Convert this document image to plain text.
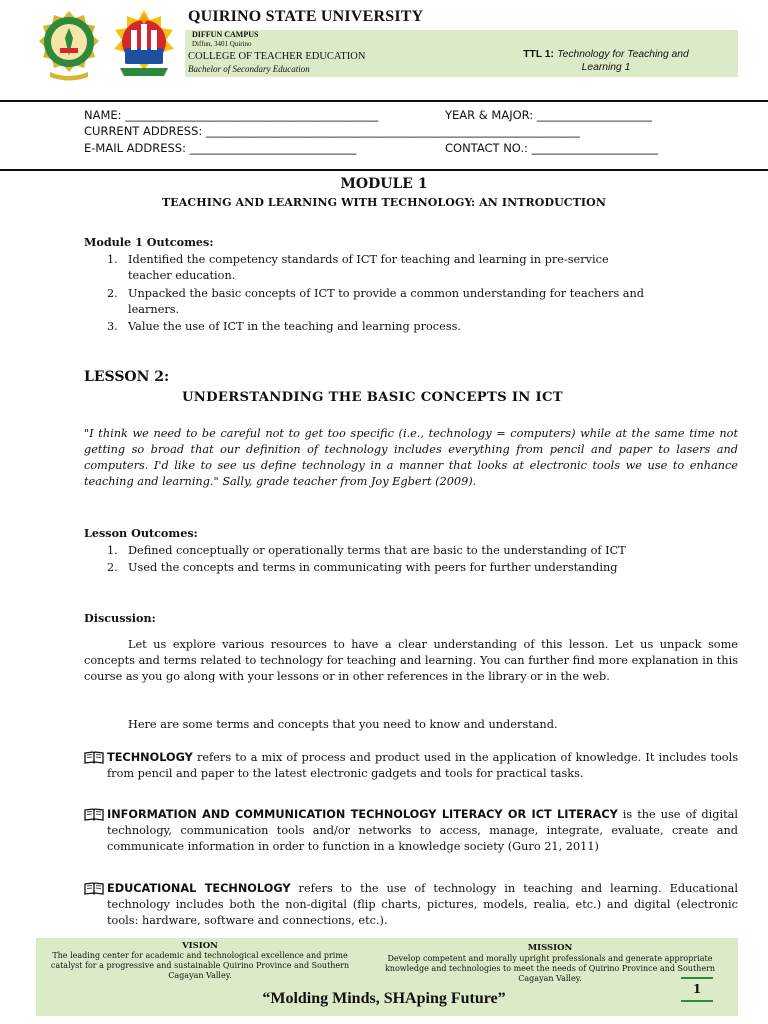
QUIRINO STATE UNIVERSITY
DIFFUN CAMPUS
Diffun, 3401 Quirino
COLLEGE OF TEACHER EDUCATION
Bachelor of Secondary Education
TTL 1: Technology for Teaching and
Learning 1
NAME: ____________________________________________	YEAR & MAJOR: ____________________
CURRENT ADDRESS: _________________________________________________________________
E-MAIL ADDRESS: _____________________________	CONTACT NO.: ______________________
MODULE 1
TEACHING AND LEARNING WITH TECHNOLOGY: AN INTRODUCTION
Module 1 Outcomes:
1. Identified the competency standards of ICT for teaching and learning in pre-service
teacher education.
2. Unpacked the basic concepts of ICT to provide a common understanding for teachers and
learners.
3. Value the use of ICT in the teaching and learning process.
LESSON 2:
UNDERSTANDING THE BASIC CONCEPTS IN ICT
"I think we need to be careful not to get too specific (i.e., technology = computers) while at the same time not getting so broad that our definition of technology includes everything from pencil and paper to lasers and computers. I'd like to see us define technology in a manner that looks at electronic tools we use to enhance teaching and learning." Sally, grade teacher from Joy Egbert (2009).
Lesson Outcomes:
1. Defined conceptually or operationally terms that are basic to the understanding of ICT
2. Used the concepts and terms in communicating with peers for further understanding
Discussion:
Let us explore various resources to have a clear understanding of this lesson. Let us unpack some concepts and terms related to technology for teaching and learning. You can further find more explanation in this course as you go along with your lessons or in other references in the library or in the web.
Here are some terms and concepts that you need to know and understand.
TECHNOLOGY refers to a mix of process and product used in the application of knowledge. It includes tools from pencil and paper to the latest electronic gadgets and tools for practical tasks.
INFORMATION AND COMMUNICATION TECHNOLOGY LITERACY OR ICT LITERACY is the use of digital technology, communication tools and/or networks to access, manage, integrate, evaluate, create and communicate information in order to function in a knowledge society (Guro 21, 2011)
EDUCATIONAL TECHNOLOGY refers to the use of technology in teaching and learning. Educational technology includes both the non-digital (flip charts, pictures, models, realia, etc.) and digital (electronic tools: hardware, software and connections, etc.).
VISION
The leading center for academic and technological excellence and prime catalyst for a progressive and sustainable Quirino Province and Southern Cagayan Valley.
MISSION
Develop competent and morally upright professionals and generate appropriate knowledge and technologies to meet the needs of Quirino Province and Southern Cagayan Valley.
“Molding Minds, SHAping Future”
1
